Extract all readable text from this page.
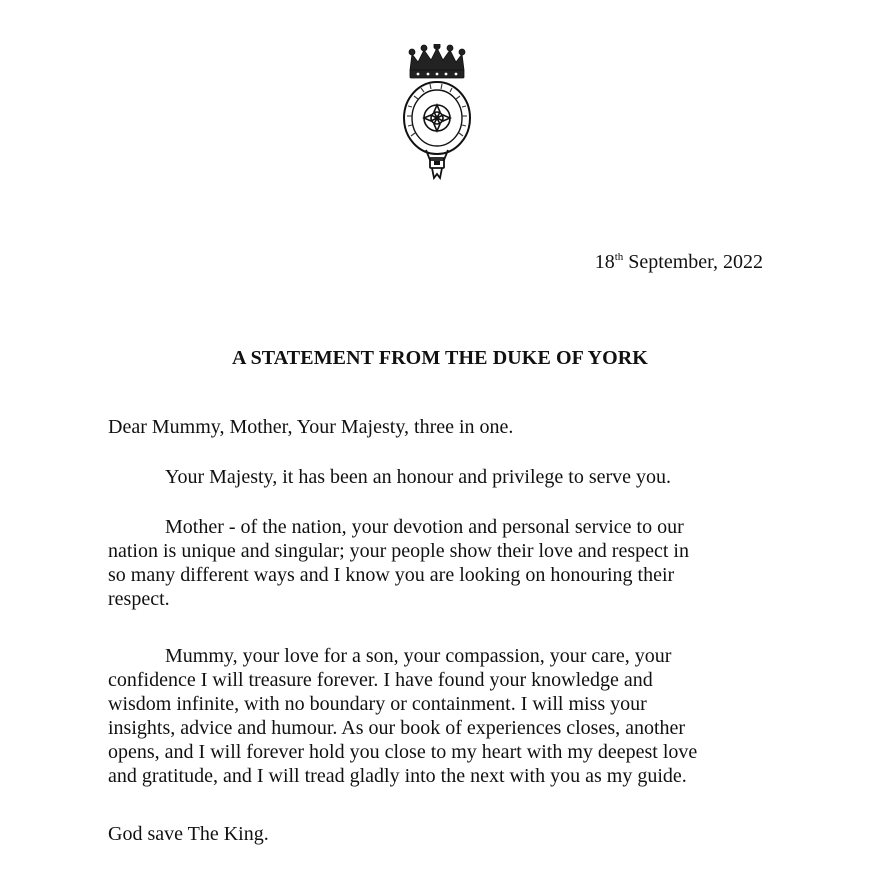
18th September, 2022
A STATEMENT FROM THE DUKE OF YORK
Dear Mummy, Mother, Your Majesty, three in one.
Your Majesty, it has been an honour and privilege to serve you.
Mother - of the nation, your devotion and personal service to our
nation is unique and singular; your people show their love and respect in
so many different ways and I know you are looking on honouring their
respect.
Mummy, your love for a son, your compassion, your care, your
confidence I will treasure forever. I have found your knowledge and
wisdom infinite, with no boundary or containment. I will miss your
insights, advice and humour. As our book of experiences closes, another
opens, and I will forever hold you close to my heart with my deepest love
and gratitude, and I will tread gladly into the next with you as my guide.
God save The King.
